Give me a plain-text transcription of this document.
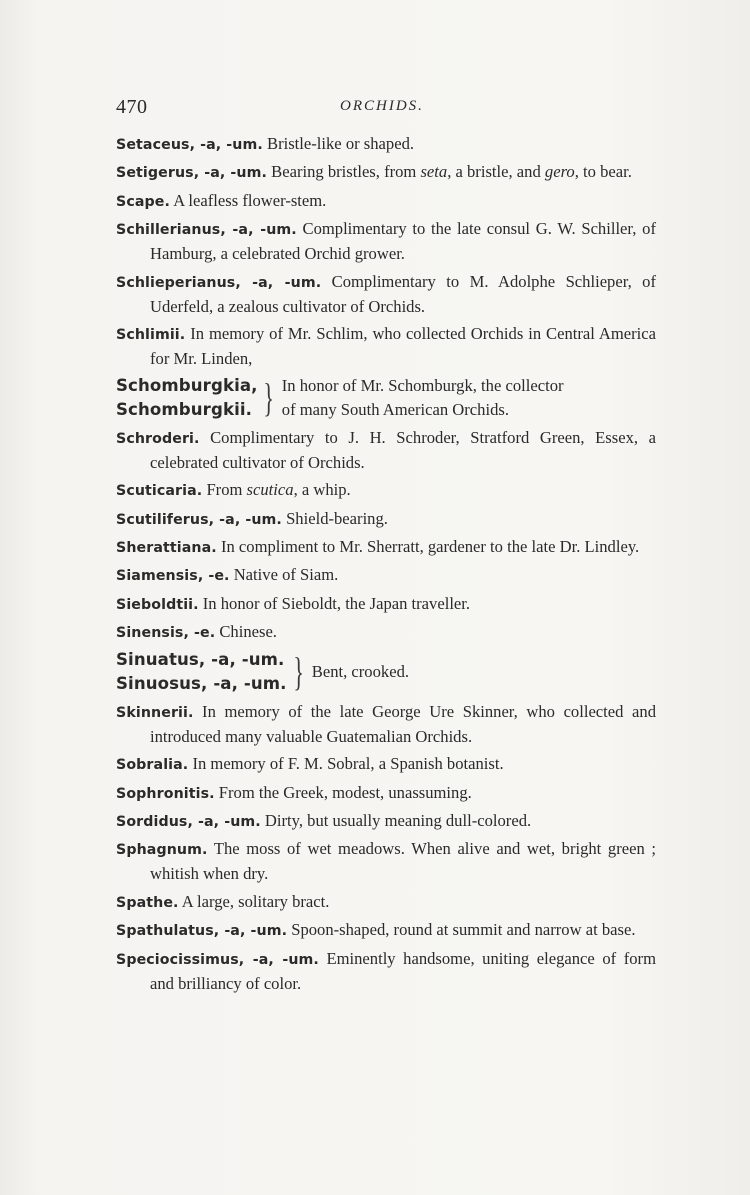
470	ORCHIDS.

Setaceus, -a, -um. Bristle-like or shaped.

Setigerus, -a, -um. Bearing bristles, from seta, a bristle, and gero, to bear.

Scape. A leafless flower-stem.

Schillerianus, -a, -um. Complimentary to the late consul G. W. Schiller, of Hamburg, a celebrated Orchid grower.

Schlieperianus, -a, -um. Complimentary to M. Adolphe Schlieper, of Uderfeld, a zealous cultivator of Orchids.

Schlimii. In memory of Mr. Schlim, who collected Orchids in Central America for Mr. Linden,

Schomburgkia,
Schomburgkii. } In honor of Mr. Schomburgk, the collector
of many South American Orchids.

Schroderi. Complimentary to J. H. Schroder, Stratford Green, Essex, a celebrated cultivator of Orchids.

Scuticaria. From scutica, a whip.

Scutiliferus, -a, -um. Shield-bearing.

Sherattiana. In compliment to Mr. Sherratt, gardener to the late Dr. Lindley.

Siamensis, -e. Native of Siam.

Sieboldtii. In honor of Sieboldt, the Japan traveller.

Sinensis, -e. Chinese.

Sinuatus, -a, -um.
Sinuosus, -a, -um. } Bent, crooked.

Skinnerii. In memory of the late George Ure Skinner, who collected and introduced many valuable Guatemalian Orchids.

Sobralia. In memory of F. M. Sobral, a Spanish botanist.

Sophronitis. From the Greek, modest, unassuming.

Sordidus, -a, -um. Dirty, but usually meaning dull-colored.

Sphagnum. The moss of wet meadows. When alive and wet, bright green ; whitish when dry.

Spathe. A large, solitary bract.

Spathulatus, -a, -um. Spoon-shaped, round at summit and narrow at base.

Speciocissimus, -a, -um. Eminently handsome, uniting elegance of form and brilliancy of color.
